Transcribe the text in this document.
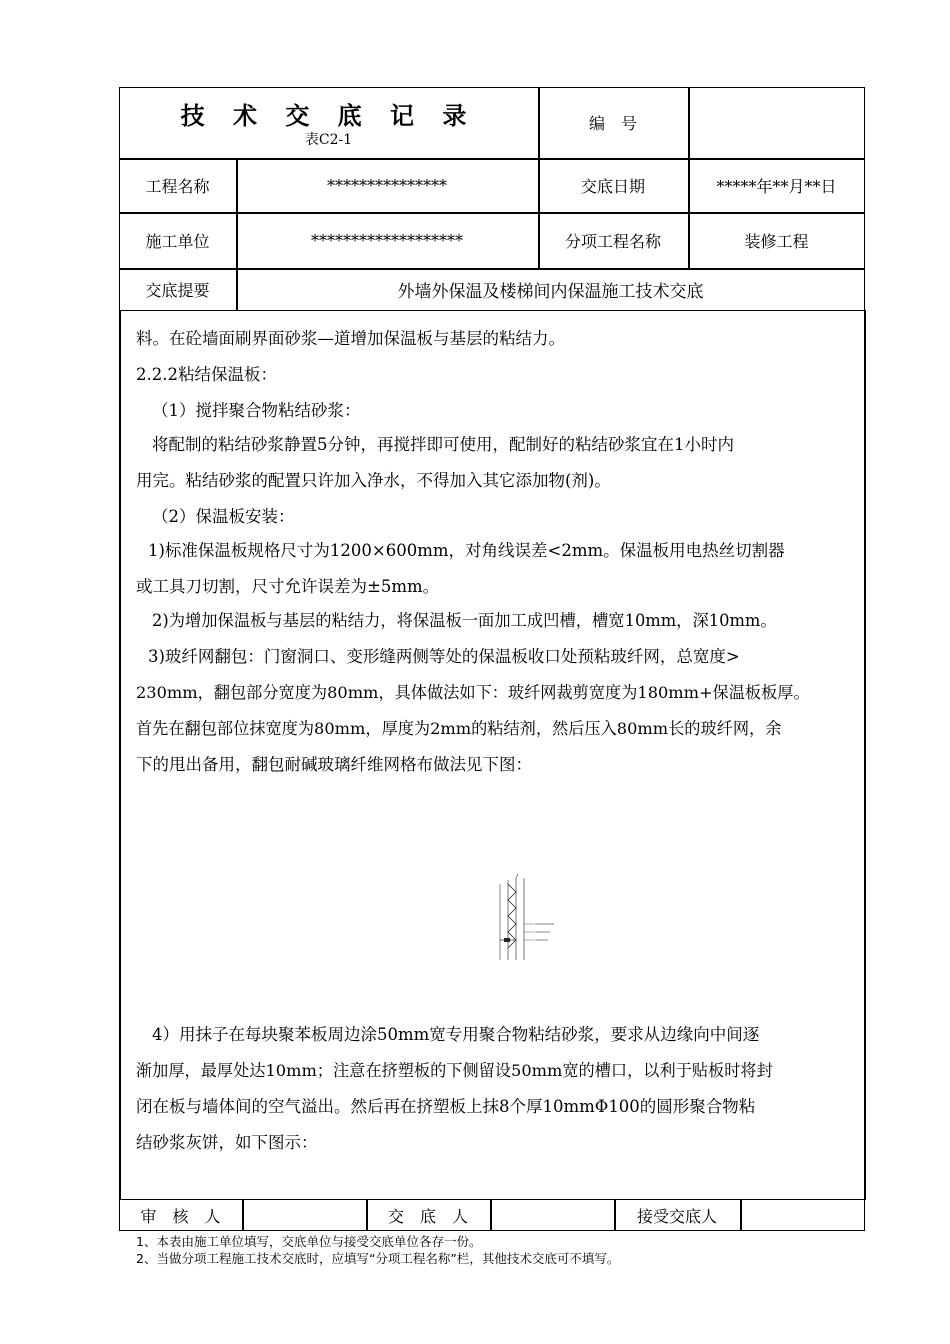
技 术 交 底 记 录
表C2-1
编　号
工程名称	***************	交底日期	*****年**月**日
施工单位	*******************	分项工程名称	装修工程
交底提要	外墙外保温及楼梯间内保温施工技术交底
料。在砼墙面刷界面砂浆—道增加保温板与基层的粘结力。
2.2.2粘结保温板：
（1）搅拌聚合物粘结砂浆：
将配制的粘结砂浆静置5分钟，再搅拌即可使用，配制好的粘结砂浆宜在1小时内
用完。粘结砂浆的配置只许加入净水，不得加入其它添加物(剂)。
（2）保温板安装：
1)标准保温板规格尺寸为1200×600mm，对角线误差<2mm。保温板用电热丝切割器
或工具刀切割，尺寸允许误差为±5mm。
2)为增加保温板与基层的粘结力，将保温板一面加工成凹槽，槽宽10mm，深10mm。
3)玻纤网翻包：门窗洞口、变形缝两侧等处的保温板收口处预粘玻纤网，总宽度>
230mm，翻包部分宽度为80mm，具体做法如下：玻纤网裁剪宽度为180mm+保温板板厚。
首先在翻包部位抹宽度为80mm，厚度为2mm的粘结剂，然后压入80mm长的玻纤网，余
下的甩出备用，翻包耐碱玻璃纤维网格布做法见下图：
4）用抹子在每块聚苯板周边涂50mm宽专用聚合物粘结砂浆，要求从边缘向中间逐
渐加厚，最厚处达10mm；注意在挤塑板的下侧留设50mm宽的槽口，以利于贴板时将封
闭在板与墙体间的空气溢出。然后再在挤塑板上抹8个厚10mmΦ100的圆形聚合物粘
结砂浆灰饼，如下图示：
审　核　人	交　底　人	接受交底人
1、本表由施工单位填写，交底单位与接受交底单位各存一份。
2、当做分项工程施工技术交底时，应填写“分项工程名称”栏，其他技术交底可不填写。
